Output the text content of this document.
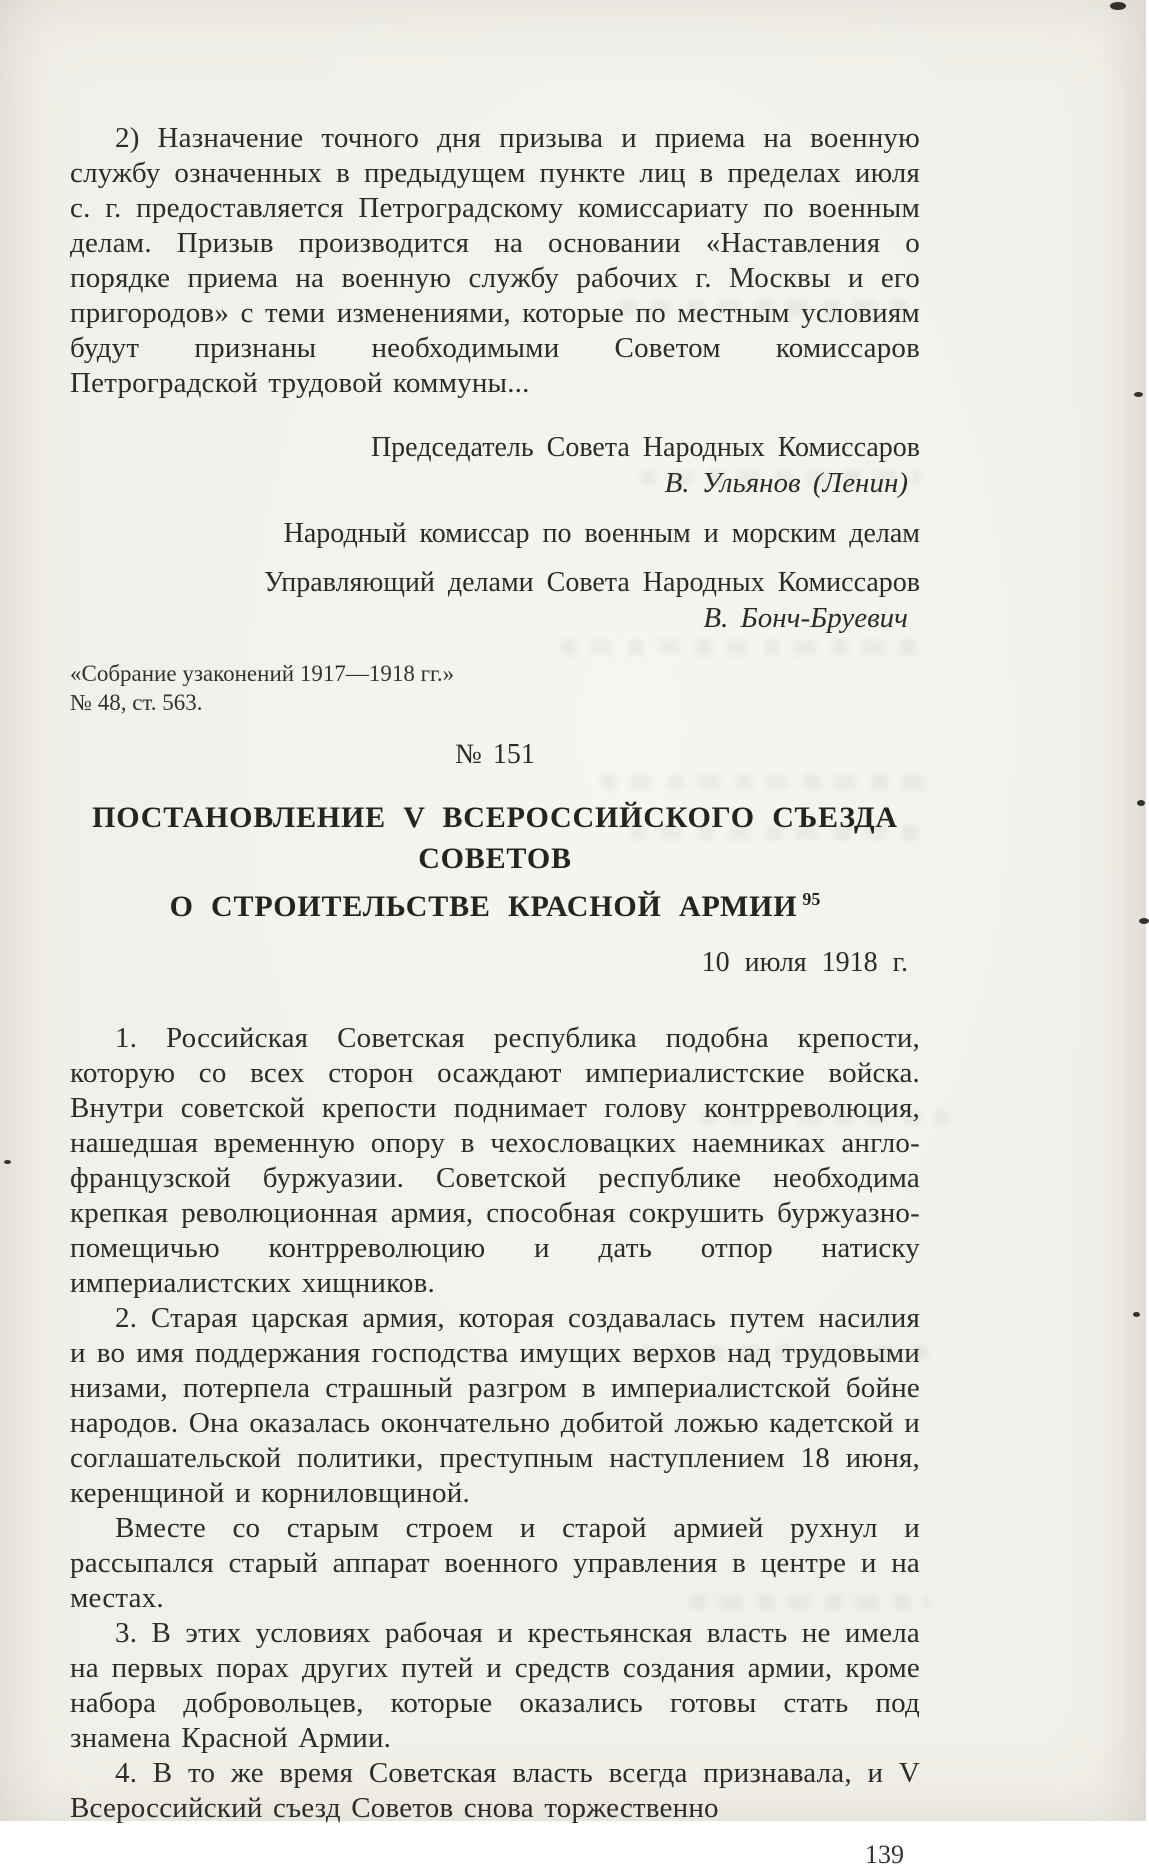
2) Назначение точного дня призыва и приема на военную службу означенных в предыдущем пункте лиц в пределах июля с. г. предоставляется Петроградскому комиссариату по военным делам. Призыв производится на основании «Наставления о порядке приема на военную службу рабочих г. Москвы и его пригородов» с теми изменениями, которые по местным условиям будут признаны необходимыми Советом комиссаров Петроградской трудовой коммуны...

Председатель Совета Народных Комиссаров
В. Ульянов (Ленин)
Народный комиссар по военным и морским делам
Управляющий делами Совета Народных Комиссаров
В. Бонч-Бруевич
«Собрание узаконений 1917—1918 гг.»
№ 48, ст. 563.
№ 151
ПОСТАНОВЛЕНИЕ V ВСЕРОССИЙСКОГО СЪЕЗДА СОВЕТОВ
О СТРОИТЕЛЬСТВЕ КРАСНОЙ АРМИИ $^{95}$
10 июля 1918 г.

1. Российская Советская республика подобна крепости, которую со всех сторон осаждают империалистские войска. Внутри советской крепости поднимает голову контрреволюция, нашедшая временную опору в чехословацких наемниках англо-французской буржуазии. Советской республике необходима крепкая революционная армия, способная сокрушить буржуазно-помещичью контрреволюцию и дать отпор натиску империалистских хищников.

2. Старая царская армия, которая создавалась путем насилия и во имя поддержания господства имущих верхов над трудовыми низами, потерпела страшный разгром в империалистской бойне народов. Она оказалась окончательно добитой ложью кадетской и соглашательской политики, преступным наступлением 18 июня, керенщиной и корниловщиной.

Вместе со старым строем и старой армией рухнул и рассыпался старый аппарат военного управления в центре и на местах.

3. В этих условиях рабочая и крестьянская власть не имела на первых порах других путей и средств создания армии, кроме набора добровольцев, которые оказались готовы стать под знамена Красной Армии.

4. В то же время Советская власть всегда признавала, и V Всероссийский съезд Советов снова торжественно

139
